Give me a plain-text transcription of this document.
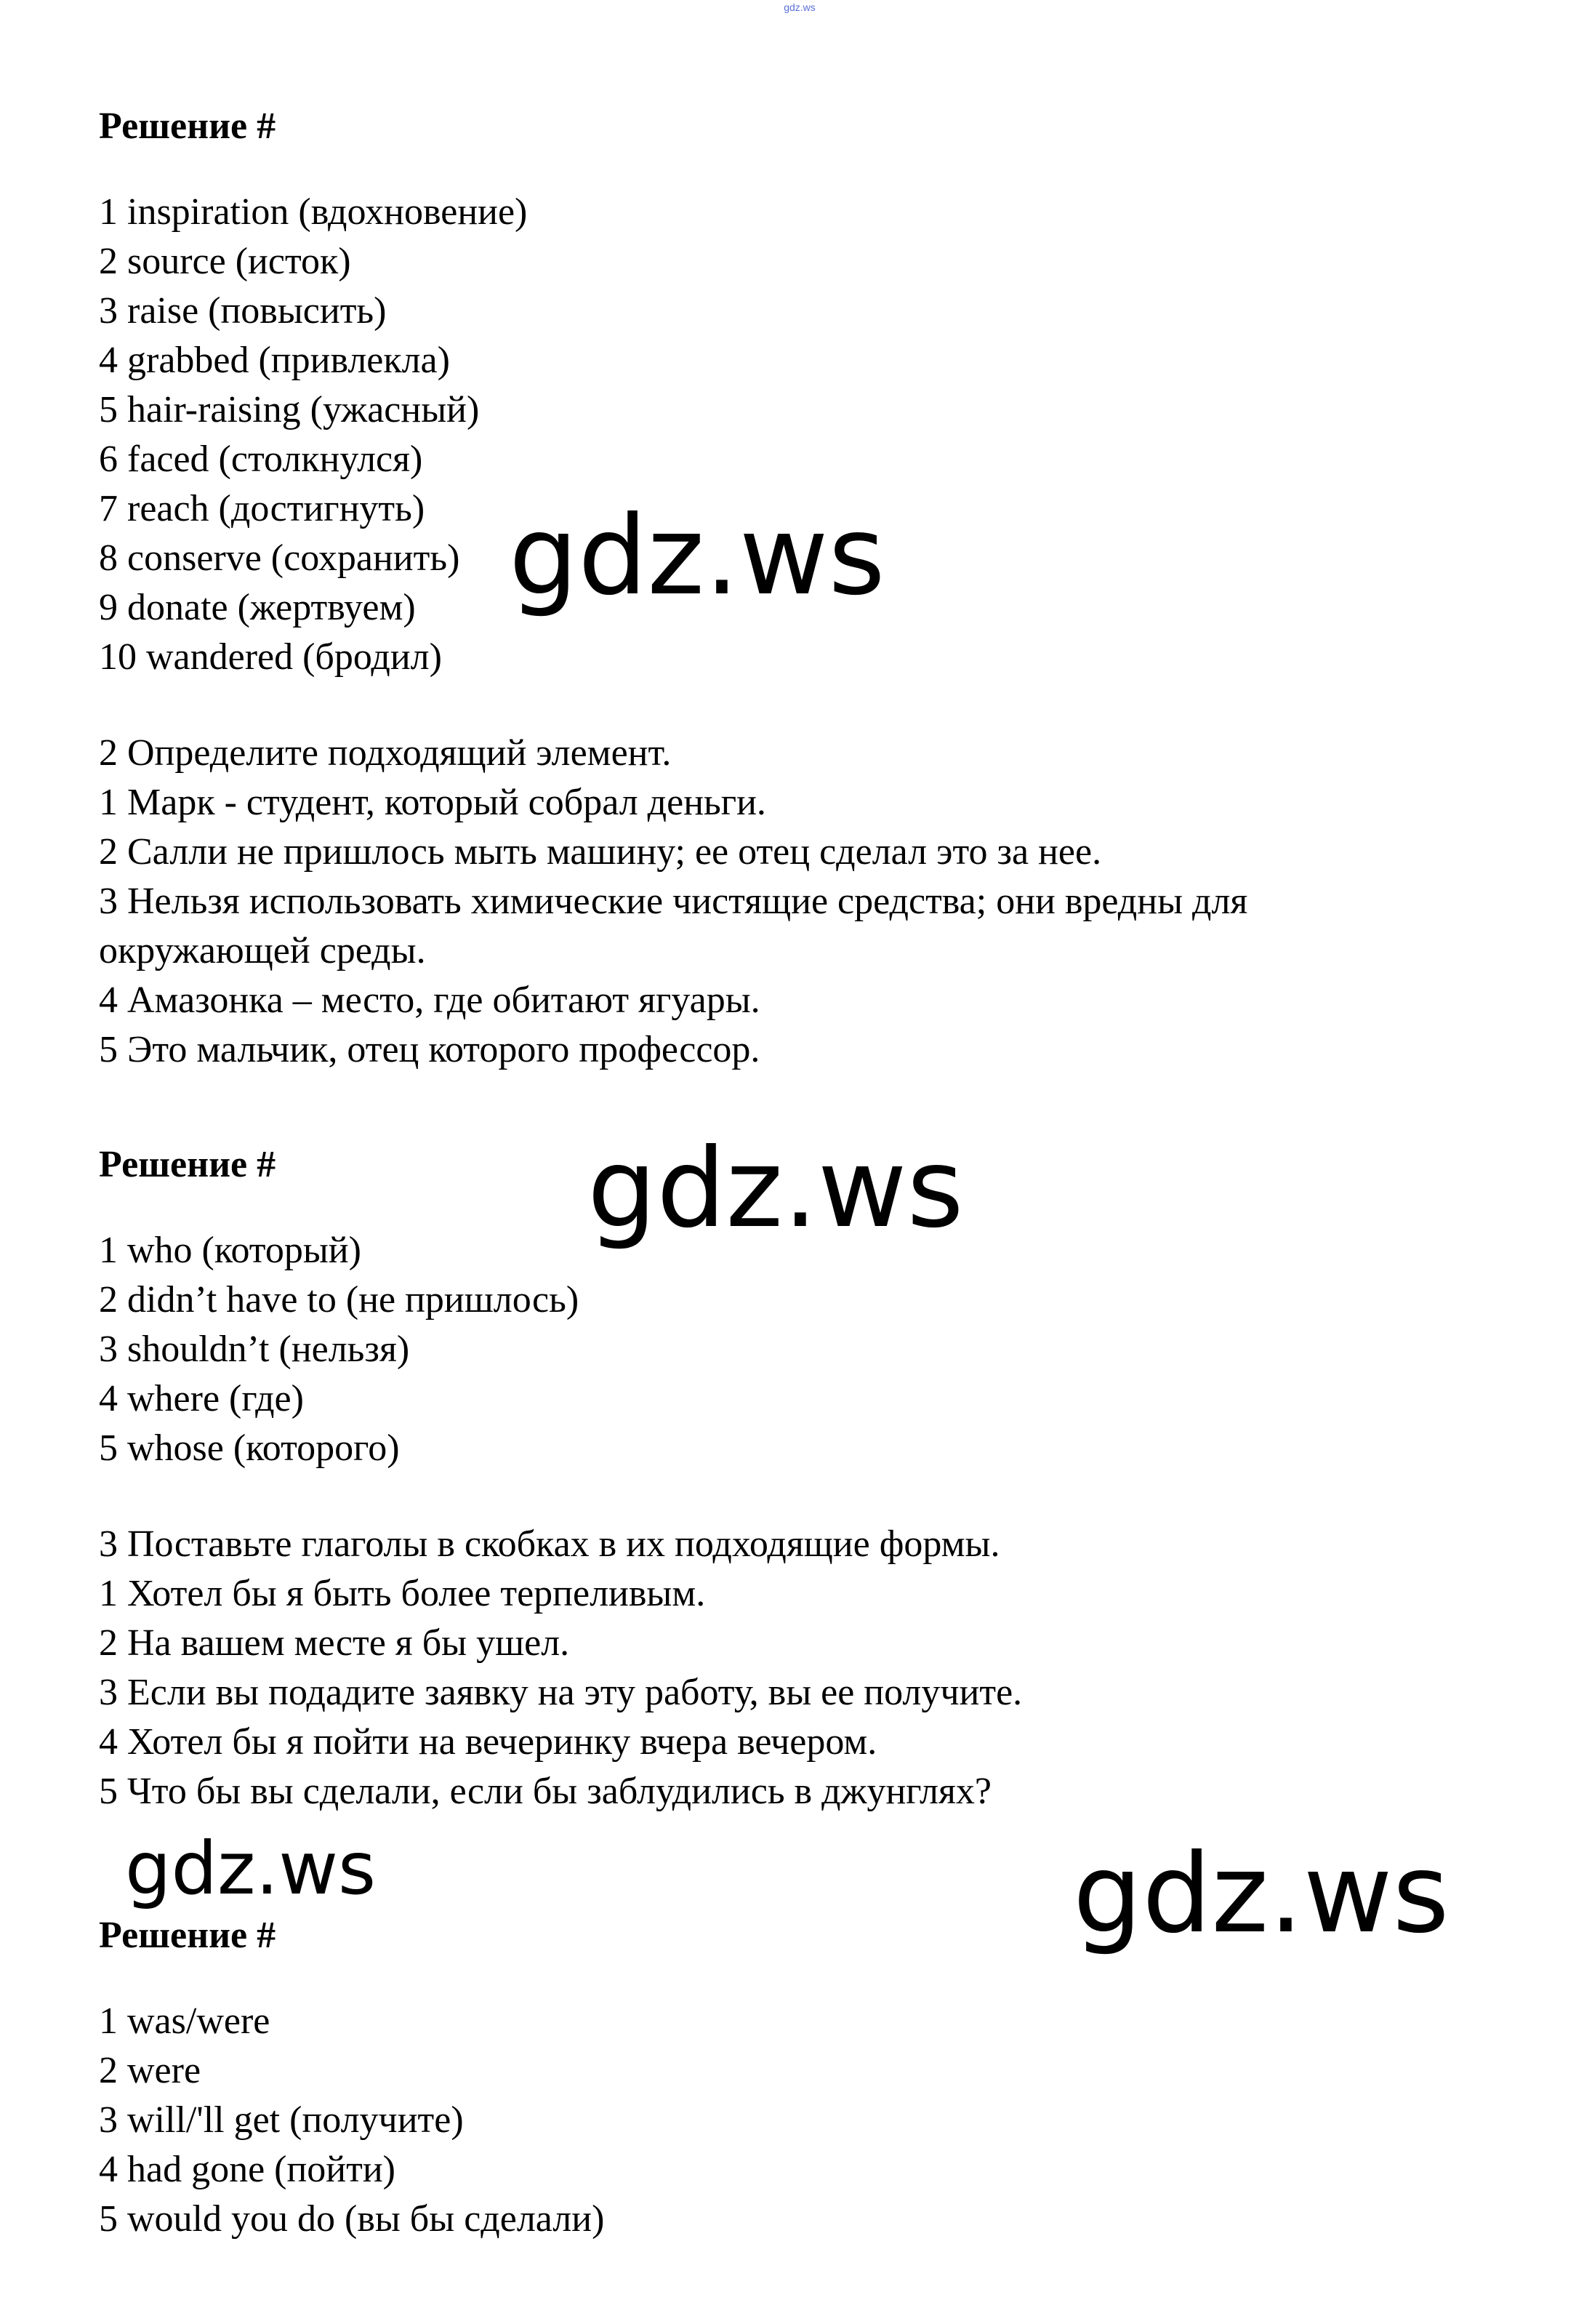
gdz.ws
Решение #
1 inspiration (вдохновение)
2 source (исток)
3 raise (повысить)
4 grabbed (привлекла)
5 hair-raising (ужасный)
6 faced (столкнулся)
7 reach (достигнуть)
8 conserve (сохранить)
9 donate (жертвуем)
10 wandered (бродил)
2 Определите подходящий элемент.
1 Марк - студент, который собрал деньги.
2 Салли не пришлось мыть машину; ее отец сделал это за нее.
3 Нельзя использовать химические чистящие средства; они вредны для
окружающей среды.
4 Амазонка – место, где обитают ягуары.
5 Это мальчик, отец которого профессор.
Решение #
1 who (который)
2 didn’t have to (не пришлось)
3 shouldn’t (нельзя)
4 where (где)
5 whose (которого)
3 Поставьте глаголы в скобках в их подходящие формы.
1 Хотел бы я быть более терпеливым.
2 На вашем месте я бы ушел.
3 Если вы подадите заявку на эту работу, вы ее получите.
4 Хотел бы я пойти на вечеринку вчера вечером.
5 Что бы вы сделали, если бы заблудились в джунглях?
Решение #
1 was/were
2 were
3 will/'ll get (получите)
4 had gone (пойти)
5 would you do (вы бы сделали)
gdz.ws
gdz.ws
gdz.ws	gdz.ws
